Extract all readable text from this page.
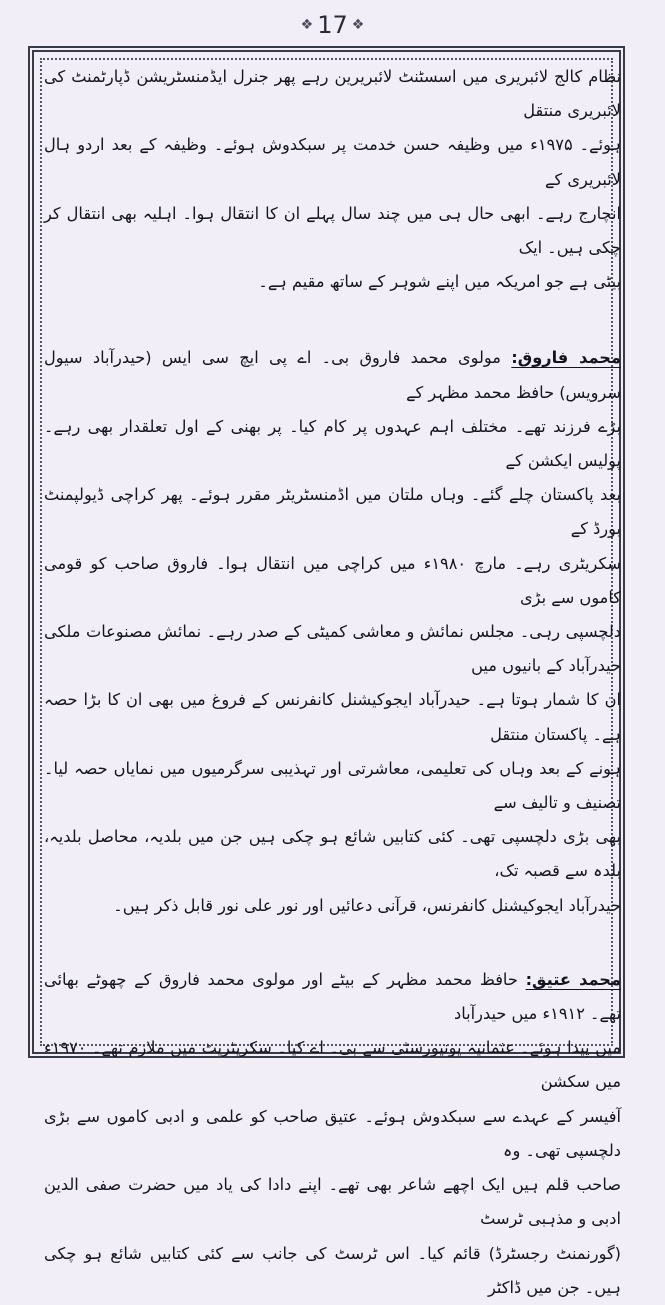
❖ 17 ❖
نظام کالج لائبریری میں اسسٹنٹ لائبریرین رہے پھر جنرل ایڈمنسٹریشن ڈپارٹمنٹ کی لائبریری منتقل
ہوئے۔ ۱۹۷۵ء میں وظیفہ حسن خدمت پر سبکدوش ہوئے۔ وظیفہ کے بعد اردو ہال لائبریری کے
انچارج رہے۔ ابھی حال ہی میں چند سال پہلے ان کا انتقال ہوا۔ اہلیہ بھی انتقال کر چکی ہیں۔ ایک
بیٹی ہے جو امریکہ میں اپنے شوہر کے ساتھ مقیم ہے۔
محمد فاروق: مولوی محمد فاروق بی۔ اے پی ایچ سی ایس (حیدرآباد سیول سرویس) حافظ محمد مظہر کے
بڑے فرزند تھے۔ مختلف اہم عہدوں پر کام کیا۔ پر بھنی کے اول تعلقدار بھی رہے۔ پولیس ایکشن کے
بعد پاکستان چلے گئے۔ وہاں ملتان میں اڈمنسٹریٹر مقرر ہوئے۔ پھر کراچی ڈیولپمنٹ بورڈ کے
سکریٹری رہے۔ مارچ ۱۹۸۰ء میں کراچی میں انتقال ہوا۔ فاروق صاحب کو قومی کاموں سے بڑی
دلچسپی رہی۔ مجلس نمائش و معاشی کمیٹی کے صدر رہے۔ نمائش مصنوعات ملکی حیدرآباد کے بانیوں میں
ان کا شمار ہوتا ہے۔ حیدرآباد ایجوکیشنل کانفرنس کے فروغ میں بھی ان کا بڑا حصہ ہے۔ پاکستان منتقل
ہونے کے بعد وہاں کی تعلیمی، معاشرتی اور تہذیبی سرگرمیوں میں نمایاں حصہ لیا۔ تصنیف و تالیف سے
بھی بڑی دلچسپی تھی۔ کئی کتابیں شائع ہو چکی ہیں جن میں بلدیہ، محاصل بلدیہ، بلدہ سے قصبہ تک،
حیدرآباد ایجوکیشنل کانفرنس، قرآنی دعائیں اور نور علی نور قابل ذکر ہیں۔
محمد عتیق: حافظ محمد مظہر کے بیٹے اور مولوی محمد فاروق کے چھوٹے بھائی تھے۔ ۱۹۱۲ء میں حیدرآباد
میں پیدا ہوئے۔ عثمانیہ یونیورسٹی سے بی۔ اے کیا۔ سکریٹریٹ میں ملازم تھے۔ ۱۹۷۰ء میں سکشن
آفیسر کے عہدے سے سبکدوش ہوئے۔ عتیق صاحب کو علمی و ادبی کاموں سے بڑی دلچسپی تھی۔ وہ
صاحب قلم ہیں ایک اچھے شاعر بھی تھے۔ اپنے دادا کی یاد میں حضرت صفی الدین ادبی و مذہبی ٹرسٹ
(گورنمنٹ رجسٹرڈ) قائم کیا۔ اس ٹرسٹ کی جانب سے کئی کتابیں شائع ہو چکی ہیں۔ جن میں ڈاکٹر
